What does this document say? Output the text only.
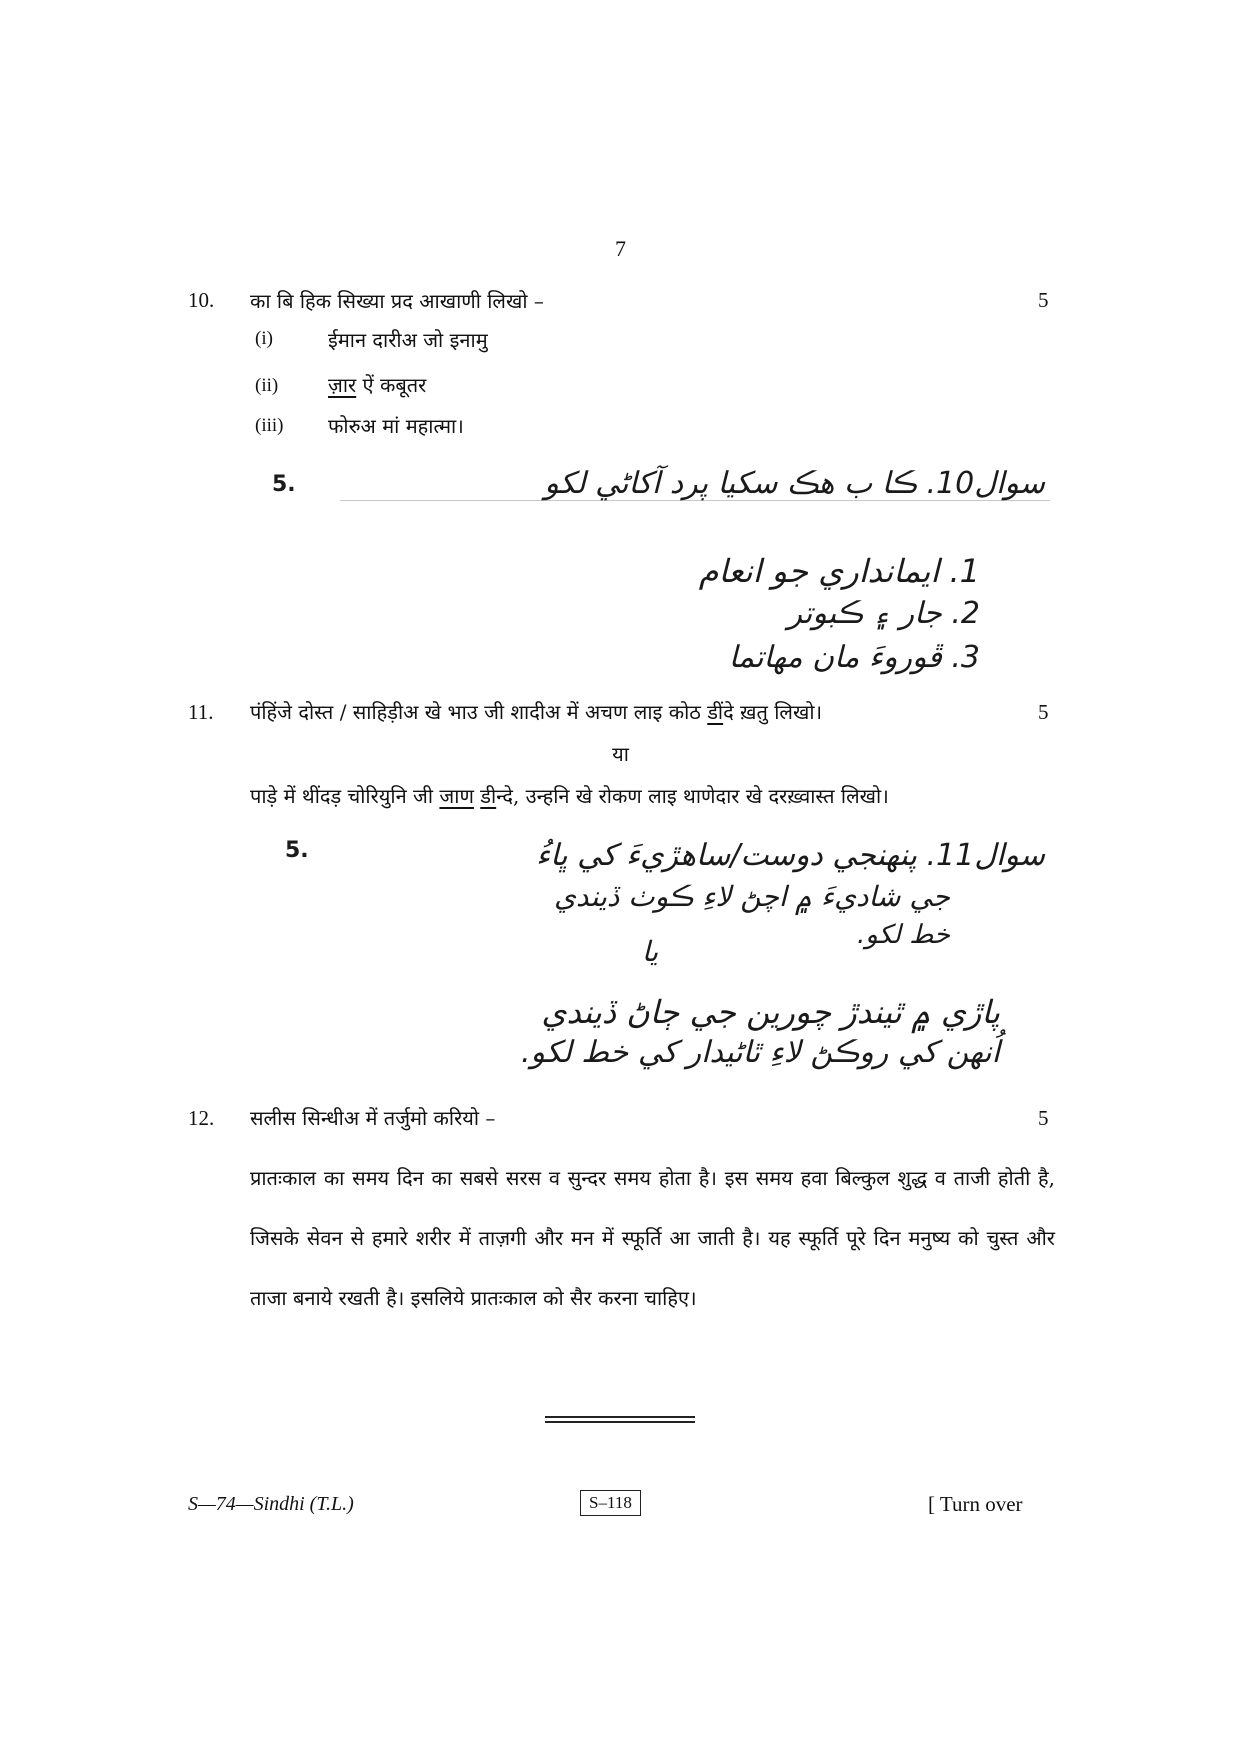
7
10. का बि हिक सिख्या प्रद आखाणी लिखो –	5
(i)	ईमान दारीअ जो इनामु
(ii) ज़ार ऐं कबूतर
(iii) फोरुअ मां महात्मा।
5.	سوال10. ڪا ب ھڪ سکيا پرد آکاڻي لکو
1. ايمانداري جو انعام
2. جار ۽ ڪبوتر
3. ڦوروءَ مان مهاتما
11. पंहिंजे दोस्त / साहिड़ीअ खे भाउ जी शादीअ में अचण लाइ कोठ डींदे ख़तु लिखो।	5
या
पाड़े में थींदड़ चोरियुनि जी जाण डीन्दे, उन्हनि खे रोकण लाइ थाणेदार खे दरख़्वास्त लिखो।
5.	سوال11. پنھنجي دوست/ساھڙيءَ کي ڀاءُ
جي شاديءَ ۾ اچڻ لاءِ ڪوٺ ڏيندي
خط لکو.
يا
پاڙي ۾ ٿيندڙ چورين جي ڄاڻ ڏيندي
اُنهن کي روڪڻ لاءِ ٿاڻيدار کي خط لکو.
12. सलीस सिन्धीअ में तर्जुमो करियो –	5
प्रातःकाल का समय दिन का सबसे सरस व सुन्दर समय होता है। इस समय हवा बिल्कुल शुद्ध व ताजी होती है, जिसके सेवन से हमारे शरीर में ताज़गी और मन में स्फूर्ति आ जाती है। यह स्फूर्ति पूरे दिन मनुष्य को चुस्त और ताजा बनाये रखती है। इसलिये प्रातःकाल को सैर करना चाहिए।
S—74—Sindhi (T.L.)	S–118	[ Turn over
